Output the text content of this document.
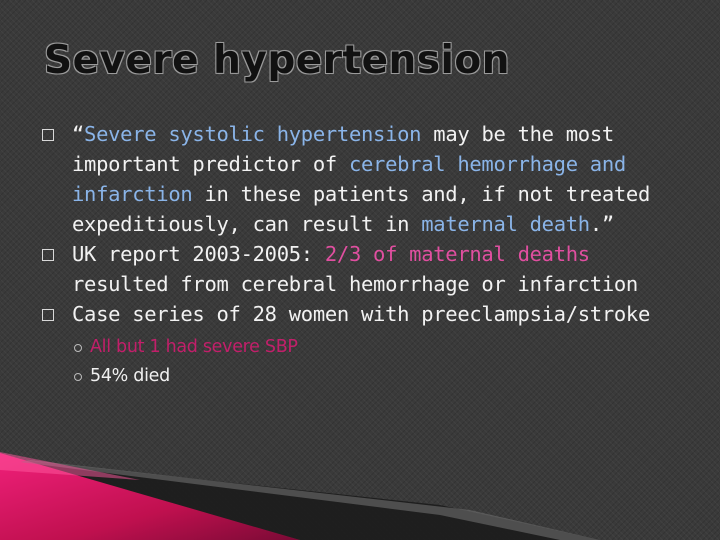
Severe hypertension
“Severe systolic hypertension may be the most important predictor of cerebral hemorrhage and infarction in these patients and, if not treated expeditiously, can result in maternal death.”
UK report 2003-2005: 2/3 of maternal deaths resulted from cerebral hemorrhage or infarction
Case series of 28 women with preeclampsia/stroke
All but 1 had severe SBP
54% died
